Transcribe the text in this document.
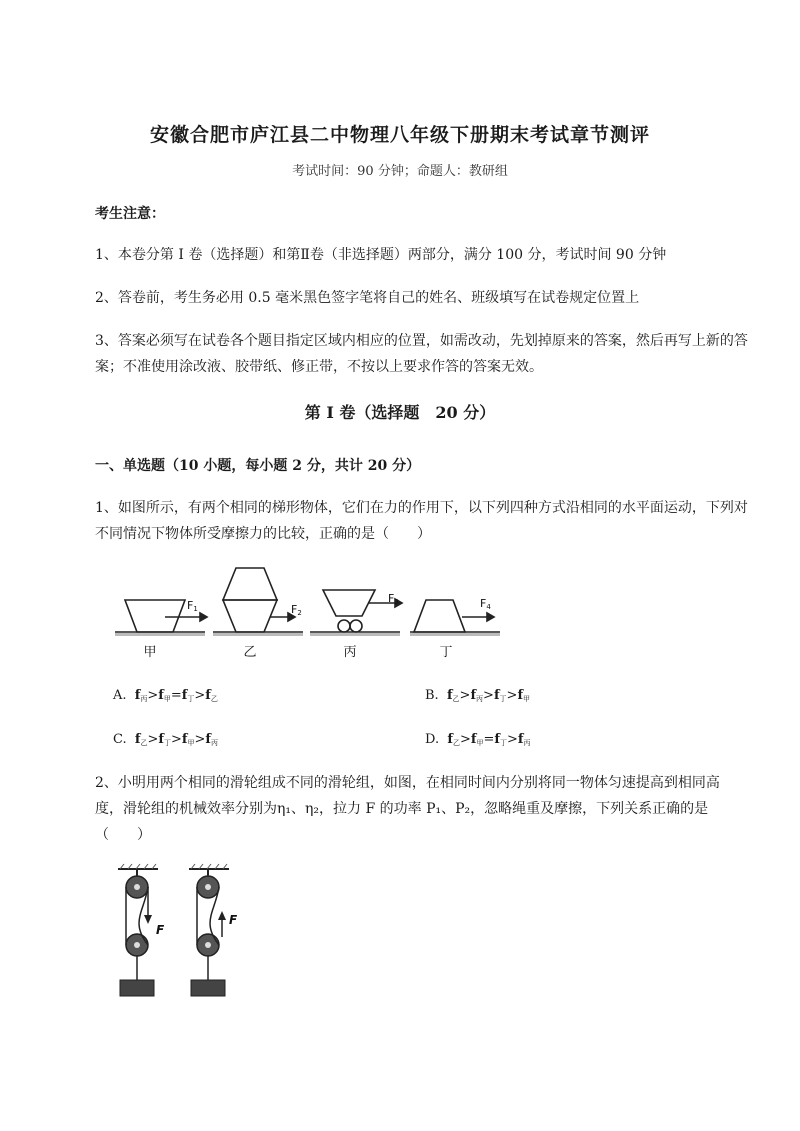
安徽合肥市庐江县二中物理八年级下册期末考试章节测评
考试时间：90 分钟；命题人：教研组
考生注意：
1、本卷分第 I 卷（选择题）和第Ⅱ卷（非选择题）两部分，满分 100 分，考试时间 90 分钟
2、答卷前，考生务必用 0.5 毫米黑色签字笔将自己的姓名、班级填写在试卷规定位置上
3、答案必须写在试卷各个题目指定区域内相应的位置，如需改动，先划掉原来的答案，然后再写上新的答案；不准使用涂改液、胶带纸、修正带，不按以上要求作答的答案无效。
第 I 卷（选择题　20 分）
一、单选题（10 小题，每小题 2 分，共计 20 分）
1、如图所示，有两个相同的梯形物体，它们在力的作用下，以下列四种方式沿相同的水平面运动，下列对不同情况下物体所受摩擦力的比较，正确的是（　　）
F1	F2
F3	F4
甲	乙	丙	丁
A. $f_丙>f_甲=f_丁>f_乙$	B. $f_乙>f_丙>f_丁>f_甲$
C. $f_乙>f_丁>f_甲>f_丙$	D. $f_乙>f_甲=f_丁>f_丙$
2、小明用两个相同的滑轮组成不同的滑轮组，如图，在相同时间内分别将同一物体匀速提高到相同高
度，滑轮组的机械效率分别为η₁、η₂，拉力 F 的功率 P₁、P₂，忽略绳重及摩擦，下列关系正确的是
（　　）
F
F
